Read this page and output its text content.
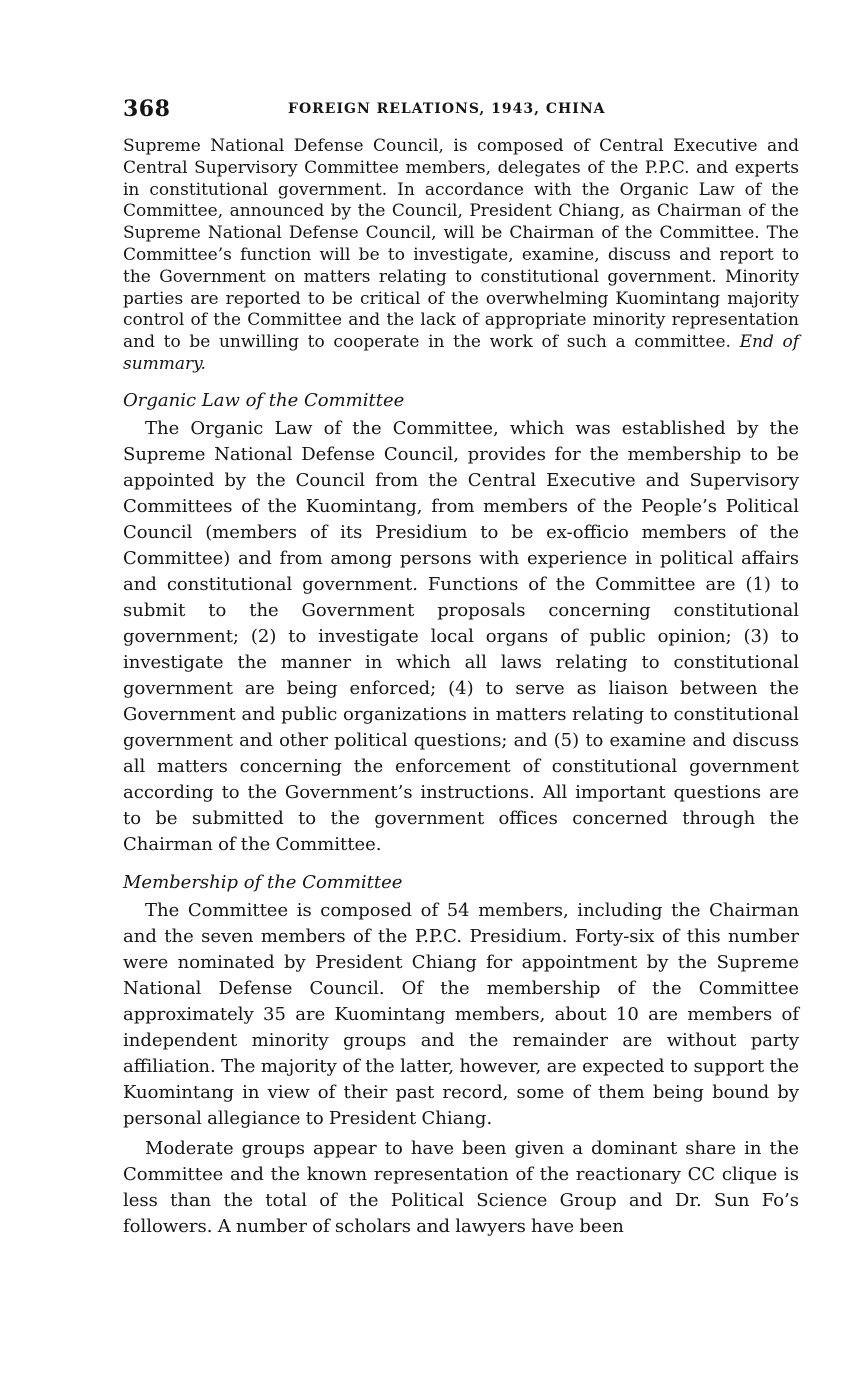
368	FOREIGN RELATIONS, 1943, CHINA

Supreme National Defense Council, is composed of Central Executive and Central Supervisory Committee members, delegates of the P.P.C. and experts in constitutional government. In accordance with the Organic Law of the Committee, announced by the Council, President Chiang, as Chairman of the Supreme National Defense Council, will be Chairman of the Committee. The Committee’s function will be to investigate, examine, discuss and report to the Government on matters relating to constitutional government. Minority parties are reported to be critical of the overwhelming Kuomintang majority control of the Committee and the lack of appropriate minority representation and to be unwilling to cooperate in the work of such a committee. End of summary.

Organic Law of the Committee

The Organic Law of the Committee, which was established by the Supreme National Defense Council, provides for the membership to be appointed by the Council from the Central Executive and Supervisory Committees of the Kuomintang, from members of the People’s Political Council (members of its Presidium to be ex-officio members of the Committee) and from among persons with experience in political affairs and constitutional government. Functions of the Committee are (1) to submit to the Government proposals concerning constitutional government; (2) to investigate local organs of public opinion; (3) to investigate the manner in which all laws relating to constitutional government are being enforced; (4) to serve as liaison between the Government and public organizations in matters relating to constitutional government and other political questions; and (5) to examine and discuss all matters concerning the enforcement of constitutional government according to the Government’s instructions. All important questions are to be submitted to the government offices concerned through the Chairman of the Committee.

Membership of the Committee

The Committee is composed of 54 members, including the Chairman and the seven members of the P.P.C. Presidium. Forty-six of this number were nominated by President Chiang for appointment by the Supreme National Defense Council. Of the membership of the Committee approximately 35 are Kuomintang members, about 10 are members of independent minority groups and the remainder are without party affiliation. The majority of the latter, however, are expected to support the Kuomintang in view of their past record, some of them being bound by personal allegiance to President Chiang.

Moderate groups appear to have been given a dominant share in the Committee and the known representation of the reactionary CC clique is less than the total of the Political Science Group and Dr. Sun Fo’s followers. A number of scholars and lawyers have been
